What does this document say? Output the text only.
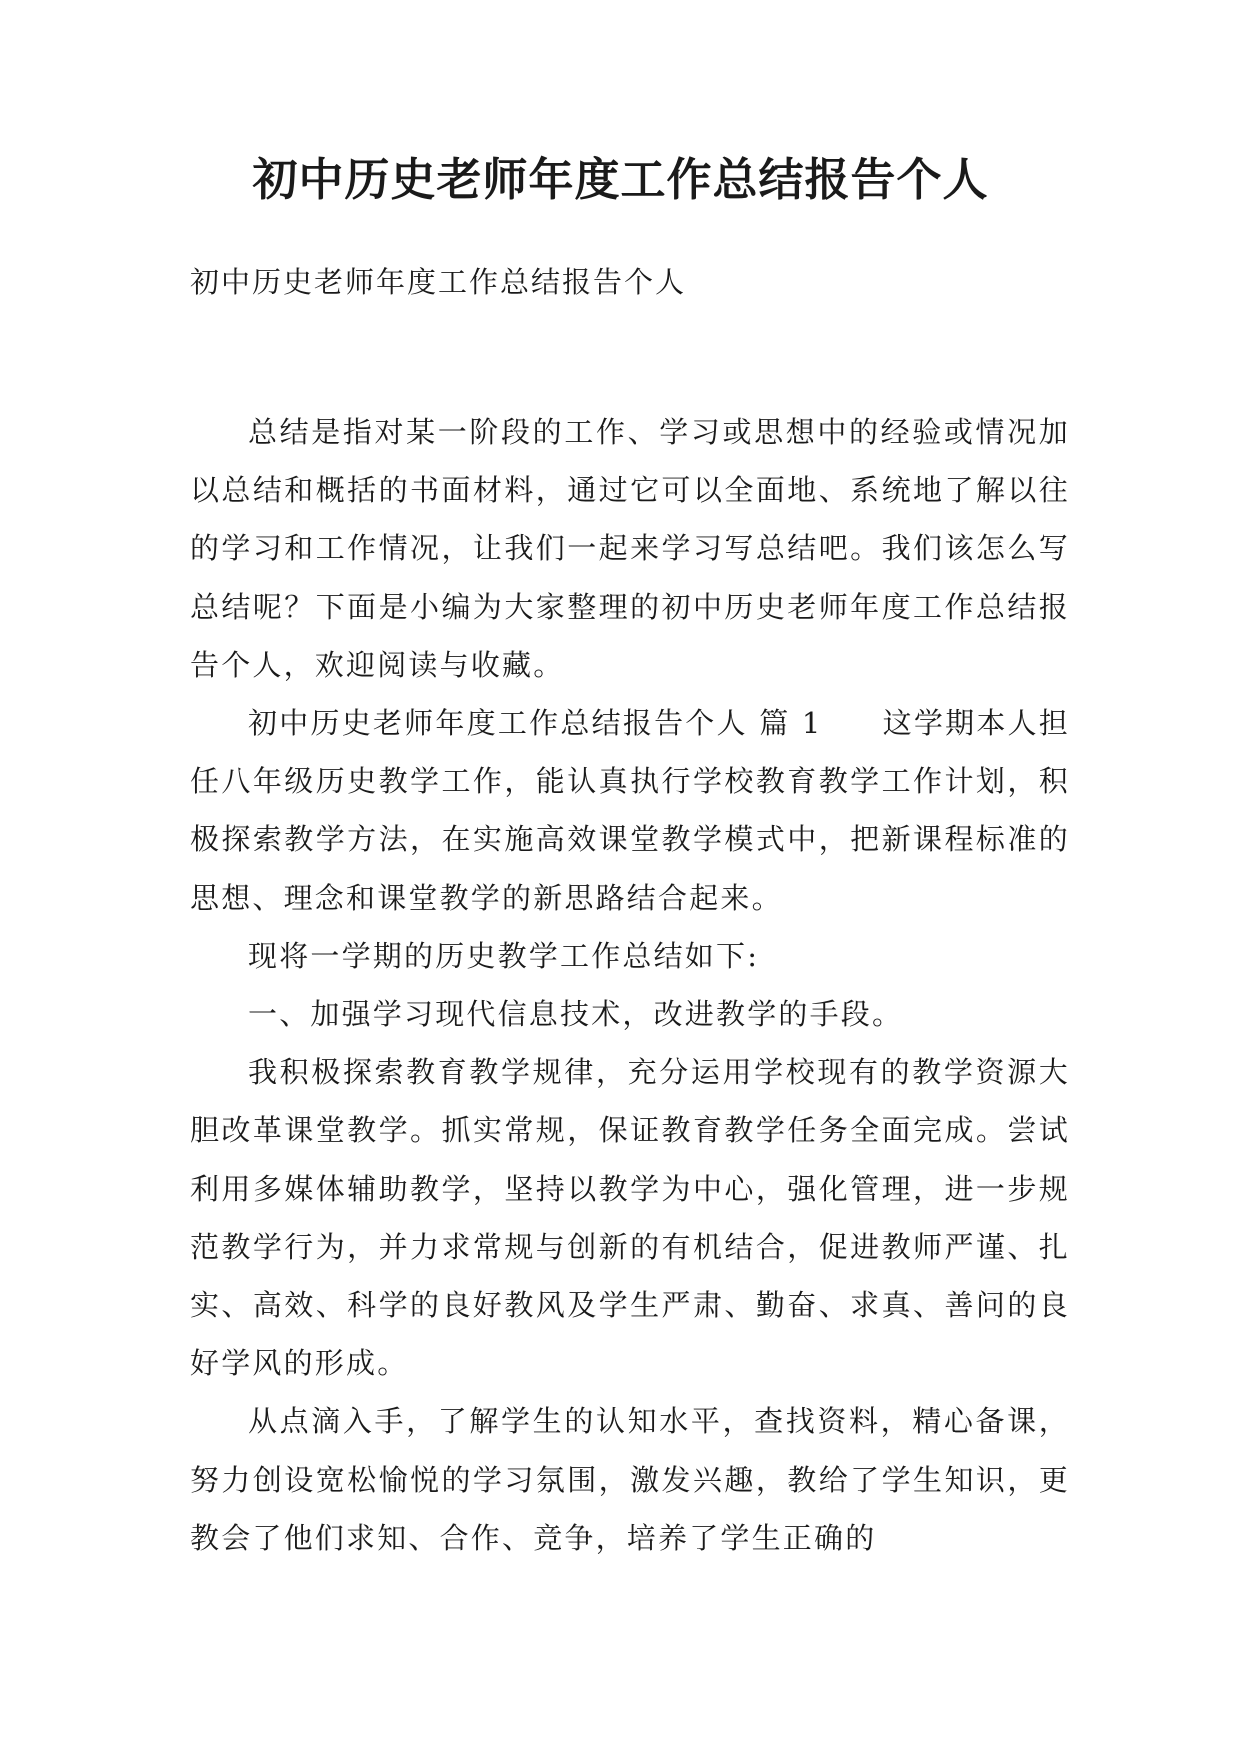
初中历史老师年度工作总结报告个人

初中历史老师年度工作总结报告个人

总结是指对某一阶段的工作、学习或思想中的经验或情况加以总结和概括的书面材料，通过它可以全面地、系统地了解以往的学习和工作情况，让我们一起来学习写总结吧。我们该怎么写总结呢？下面是小编为大家整理的初中历史老师年度工作总结报告个人，欢迎阅读与收藏。

初中历史老师年度工作总结报告个人 篇 1 这学期本人担任八年级历史教学工作，能认真执行学校教育教学工作计划，积极探索教学方法，在实施高效课堂教学模式中，把新课程标准的思想、理念和课堂教学的新思路结合起来。

现将一学期的历史教学工作总结如下:

一、加强学习现代信息技术，改进教学的手段。

我积极探索教育教学规律，充分运用学校现有的教学资源大胆改革课堂教学。抓实常规，保证教育教学任务全面完成。尝试利用多媒体辅助教学，坚持以教学为中心，强化管理，进一步规范教学行为，并力求常规与创新的有机结合，促进教师严谨、扎实、高效、科学的良好教风及学生严肃、勤奋、求真、善问的良好学风的形成。

从点滴入手，了解学生的认知水平，查找资料，精心备课，努力创设宽松愉悦的学习氛围，激发兴趣，教给了学生知识，更教会了他们求知、合作、竞争，培养了学生正确的
